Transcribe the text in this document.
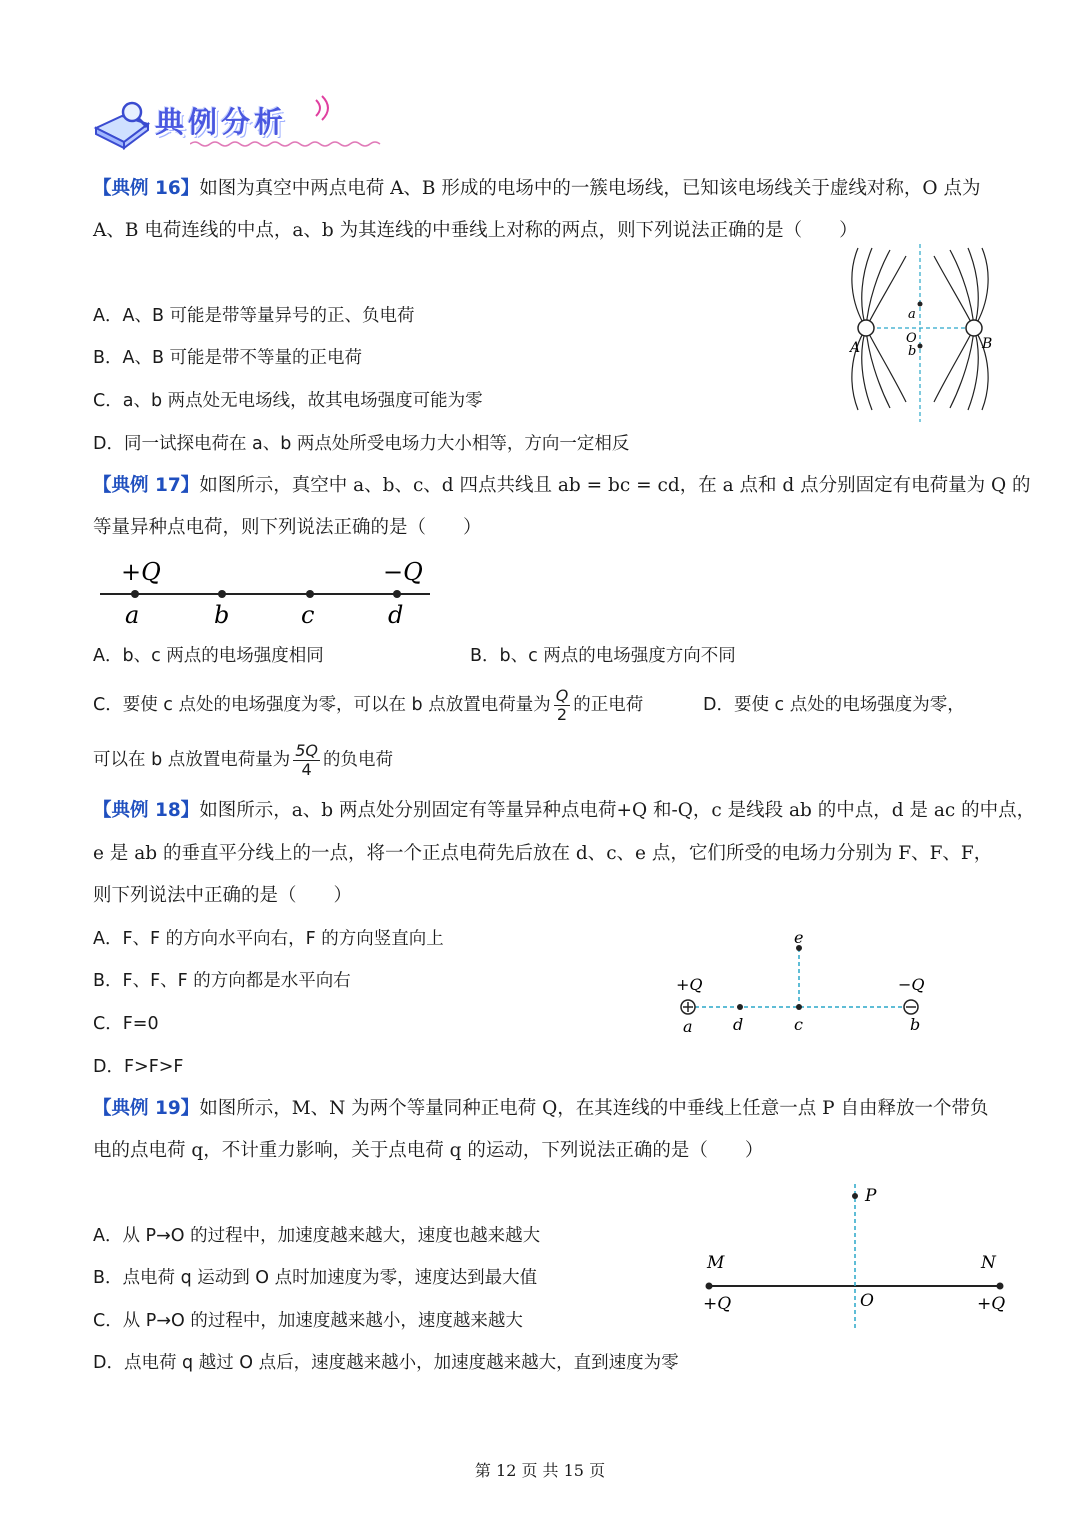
典例分析
【典例 16】如图为真空中两点电荷 A、B 形成的电场中的一簇电场线，已知该电场线关于虚线对称，O 点为
A、B 电荷连线的中点，a、b 为其连线的中垂线上对称的两点，则下列说法正确的是（　　）
A．A、B 可能是带等量异号的正、负电荷
B．A、B 可能是带不等量的正电荷
C．a、b 两点处无电场线，故其电场强度可能为零
D．同一试探电荷在 a、b 两点处所受电场力大小相等，方向一定相反
A	B
a
O
b
【典例 17】如图所示，真空中 a、b、c、d 四点共线且 ab = bc = cd，在 a 点和 d 点分别固定有电荷量为 Q 的
等量异种点电荷，则下列说法正确的是（　　）
+Q	−Q
a	b	c	d
A．b、c 两点的电场强度相同	B．b、c 两点的电场强度方向不同
C．要使 c 点处的电场强度为零，可以在 b 点放置电荷量为 $\frac{Q}{2}$ 的正电荷	D．要使 c 点处的电场强度为零，
可以在 b 点放置电荷量为 $\frac{5Q}{4}$ 的负电荷
【典例 18】如图所示，a、b 两点处分别固定有等量异种点电荷+Q 和-Q，c 是线段 ab 的中点，d 是 ac 的中点，
e 是 ab 的垂直平分线上的一点，将一个正点电荷先后放在 d、c、e 点，它们所受的电场力分别为 F、F、F，
则下列说法中正确的是（　　）
A．F、F 的方向水平向右，F 的方向竖直向上
B．F、F、F 的方向都是水平向右
C．F=0
D．F>F>F
+Q	−Q
a	d	c	b
e
【典例 19】如图所示，M、N 为两个等量同种正电荷 Q，在其连线的中垂线上任意一点 P 自由释放一个带负
电的点电荷 q，不计重力影响，关于点电荷 q 的运动，下列说法正确的是（　　）
A．从 P→O 的过程中，加速度越来越大，速度也越来越大
B．点电荷 q 运动到 O 点时加速度为零，速度达到最大值
C．从 P→O 的过程中，加速度越来越小，速度越来越大
D．点电荷 q 越过 O 点后，速度越来越小，加速度越来越大，直到速度为零
P
M	N
O
+Q	+Q
第 12 页 共 15 页
